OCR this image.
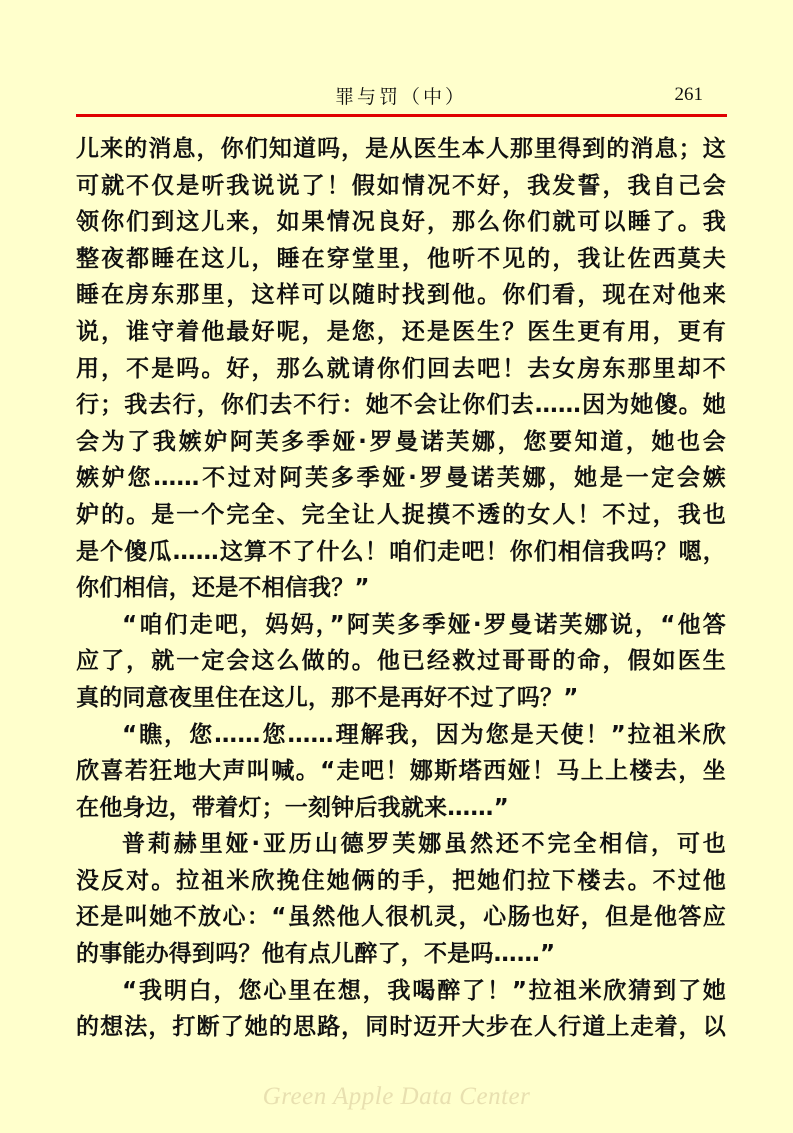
罪与罚（中）	261
儿来的消息，你们知道吗，是从医生本人那里得到的消息；这
可就不仅是听我说说了！假如情况不好，我发誓，我自己会
领你们到这儿来，如果情况良好，那么你们就可以睡了。我
整夜都睡在这儿，睡在穿堂里，他听不见的，我让佐西莫夫
睡在房东那里，这样可以随时找到他。你们看，现在对他来
说，谁守着他最好呢，是您，还是医生？医生更有用，更有
用，不是吗。好，那么就请你们回去吧！去女房东那里却不
行；我去行，你们去不行：她不会让你们去……因为她傻。她
会为了我嫉妒阿芙多季娅·罗曼诺芙娜，您要知道，她也会
嫉妒您……不过对阿芙多季娅·罗曼诺芙娜，她是一定会嫉
妒的。是一个完全、完全让人捉摸不透的女人！不过，我也
是个傻瓜……这算不了什么！咱们走吧！你们相信我吗？嗯，
你们相信，还是不相信我？”
“咱们走吧，妈妈，”阿芙多季娅·罗曼诺芙娜说，“他答
应了，就一定会这么做的。他已经救过哥哥的命，假如医生
真的同意夜里住在这儿，那不是再好不过了吗？”
“瞧，您……您……理解我，因为您是天使！”拉祖米欣
欣喜若狂地大声叫喊。“走吧！娜斯塔西娅！马上上楼去，坐
在他身边，带着灯；一刻钟后我就来……”
普莉赫里娅·亚历山德罗芙娜虽然还不完全相信，可也
没反对。拉祖米欣挽住她俩的手，把她们拉下楼去。不过他
还是叫她不放心：“虽然他人很机灵，心肠也好，但是他答应
的事能办得到吗？他有点儿醉了，不是吗……”
“我明白，您心里在想，我喝醉了！”拉祖米欣猜到了她
的想法，打断了她的思路，同时迈开大步在人行道上走着，以
Green Apple Data Center
